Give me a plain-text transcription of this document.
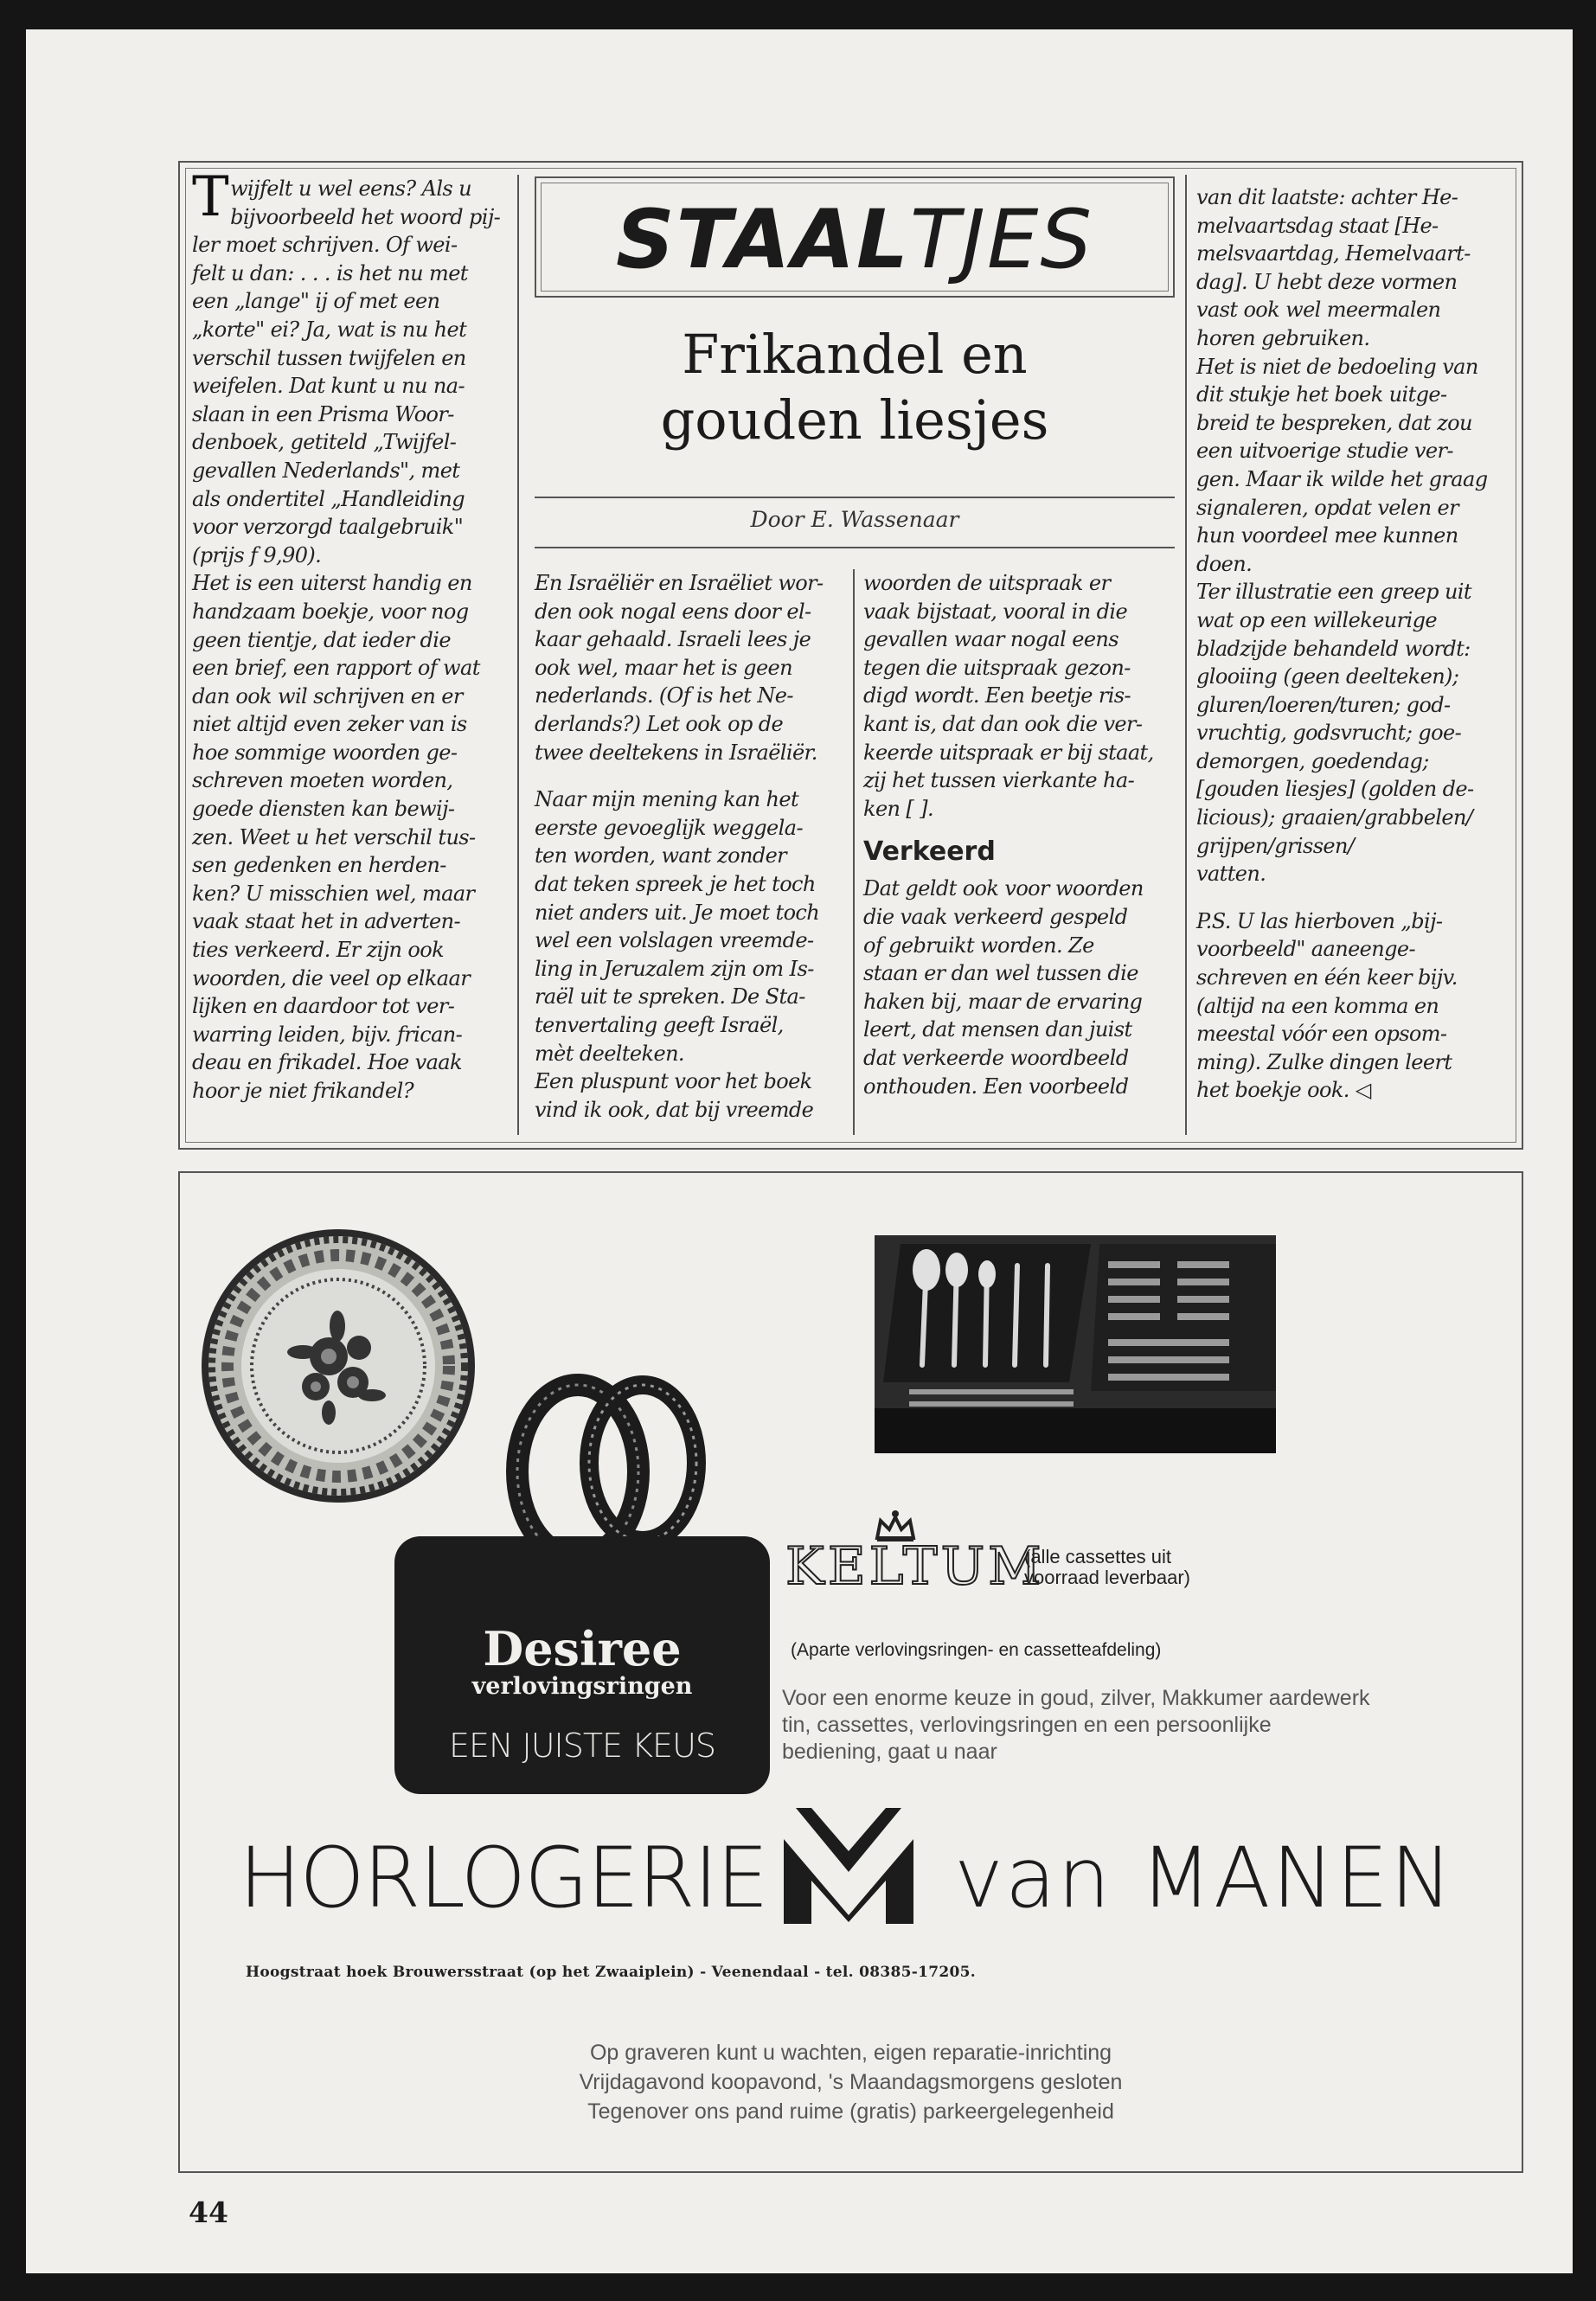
T wijfelt u wel eens? Als u
bijvoorbeeld het woord pij-
ler moet schrijven. Of wei-
felt u dan: . . . is het nu met
een „lange" ij of met een
„korte" ei? Ja, wat is nu het
verschil tussen twijfelen en
weifelen. Dat kunt u nu na-
slaan in een Prisma Woor-
denboek, getiteld „Twijfel-
gevallen Nederlands", met
als ondertitel „Handleiding
voor verzorgd taalgebruik"
(prijs f 9,90).

Het is een uiterst handig en
handzaam boekje, voor nog
geen tientje, dat ieder die
een brief, een rapport of wat
dan ook wil schrijven en er
niet altijd even zeker van is
hoe sommige woorden ge-
schreven moeten worden,
goede diensten kan bewij-
zen. Weet u het verschil tus-
sen gedenken en herden-
ken? U misschien wel, maar
vaak staat het in adverten-
ties verkeerd. Er zijn ook
woorden, die veel op elkaar
lijken en daardoor tot ver-
warring leiden, bijv. frican-
deau en frikadel. Hoe vaak
hoor je niet frikandel?

STAALTJES
Frikandel en
gouden liesjes
Door E. Wassenaar

En Israëliër en Israëliet wor-
den ook nogal eens door el-
kaar gehaald. Israeli lees je
ook wel, maar het is geen
nederlands. (Of is het Ne-
derlands?) Let ook op de
twee deeltekens in Israëliër.

Naar mijn mening kan het
eerste gevoeglijk weggela-
ten worden, want zonder
dat teken spreek je het toch
niet anders uit. Je moet toch
wel een volslagen vreemde-
ling in Jeruzalem zijn om Is-
raël uit te spreken. De Sta-
tenvertaling geeft Israël,
mèt deelteken.

Een pluspunt voor het boek
vind ik ook, dat bij vreemde

woorden de uitspraak er
vaak bijstaat, vooral in die
gevallen waar nogal eens
tegen die uitspraak gezon-
digd wordt. Een beetje ris-
kant is, dat dan ook die ver-
keerde uitspraak er bij staat,
zij het tussen vierkante ha-
ken [ ].

Verkeerd

Dat geldt ook voor woorden
die vaak verkeerd gespeld
of gebruikt worden. Ze
staan er dan wel tussen die
haken bij, maar de ervaring
leert, dat mensen dan juist
dat verkeerde woordbeeld
onthouden. Een voorbeeld

van dit laatste: achter He-
melvaartsdag staat [He-
melsvaartdag, Hemelvaart-
dag]. U hebt deze vormen
vast ook wel meermalen
horen gebruiken.

Het is niet de bedoeling van
dit stukje het boek uitge-
breid te bespreken, dat zou
een uitvoerige studie ver-
gen. Maar ik wilde het graag
signaleren, opdat velen er
hun voordeel mee kunnen
doen.

Ter illustratie een greep uit
wat op een willekeurige
bladzijde behandeld wordt:
glooiing (geen deelteken);
gluren/loeren/turen; god-
vruchtig, godsvrucht; goe-
demorgen, goedendag;
[gouden liesjes] (golden de-
licious); graaien/grabbelen/
grijpen/grissen/
vatten.

P.S. U las hierboven „bij-
voorbeeld" aaneenge-
schreven en één keer bijv.
(altijd na een komma en
meestal vóór een opsom-
ming). Zulke dingen leert
het boekje ook. ◁

Desiree
verlovingsringen
EEN JUISTE KEUS
KELTUM
(alle cassettes uit
voorraad leverbaar)
(Aparte verlovingsringen- en cassetteafdeling)
Voor een enorme keuze in goud, zilver, Makkumer aardewerk
tin, cassettes, verlovingsringen en een persoonlijke
bediening, gaat u naar
HORLOGERIE van MANEN
Hoogstraat hoek Brouwersstraat (op het Zwaaiplein) - Veenendaal - tel. 08385-17205.
Op graveren kunt u wachten, eigen reparatie-inrichting
Vrijdagavond koopavond, 's Maandagsmorgens gesloten
Tegenover ons pand ruime (gratis) parkeergelegenheid
44
